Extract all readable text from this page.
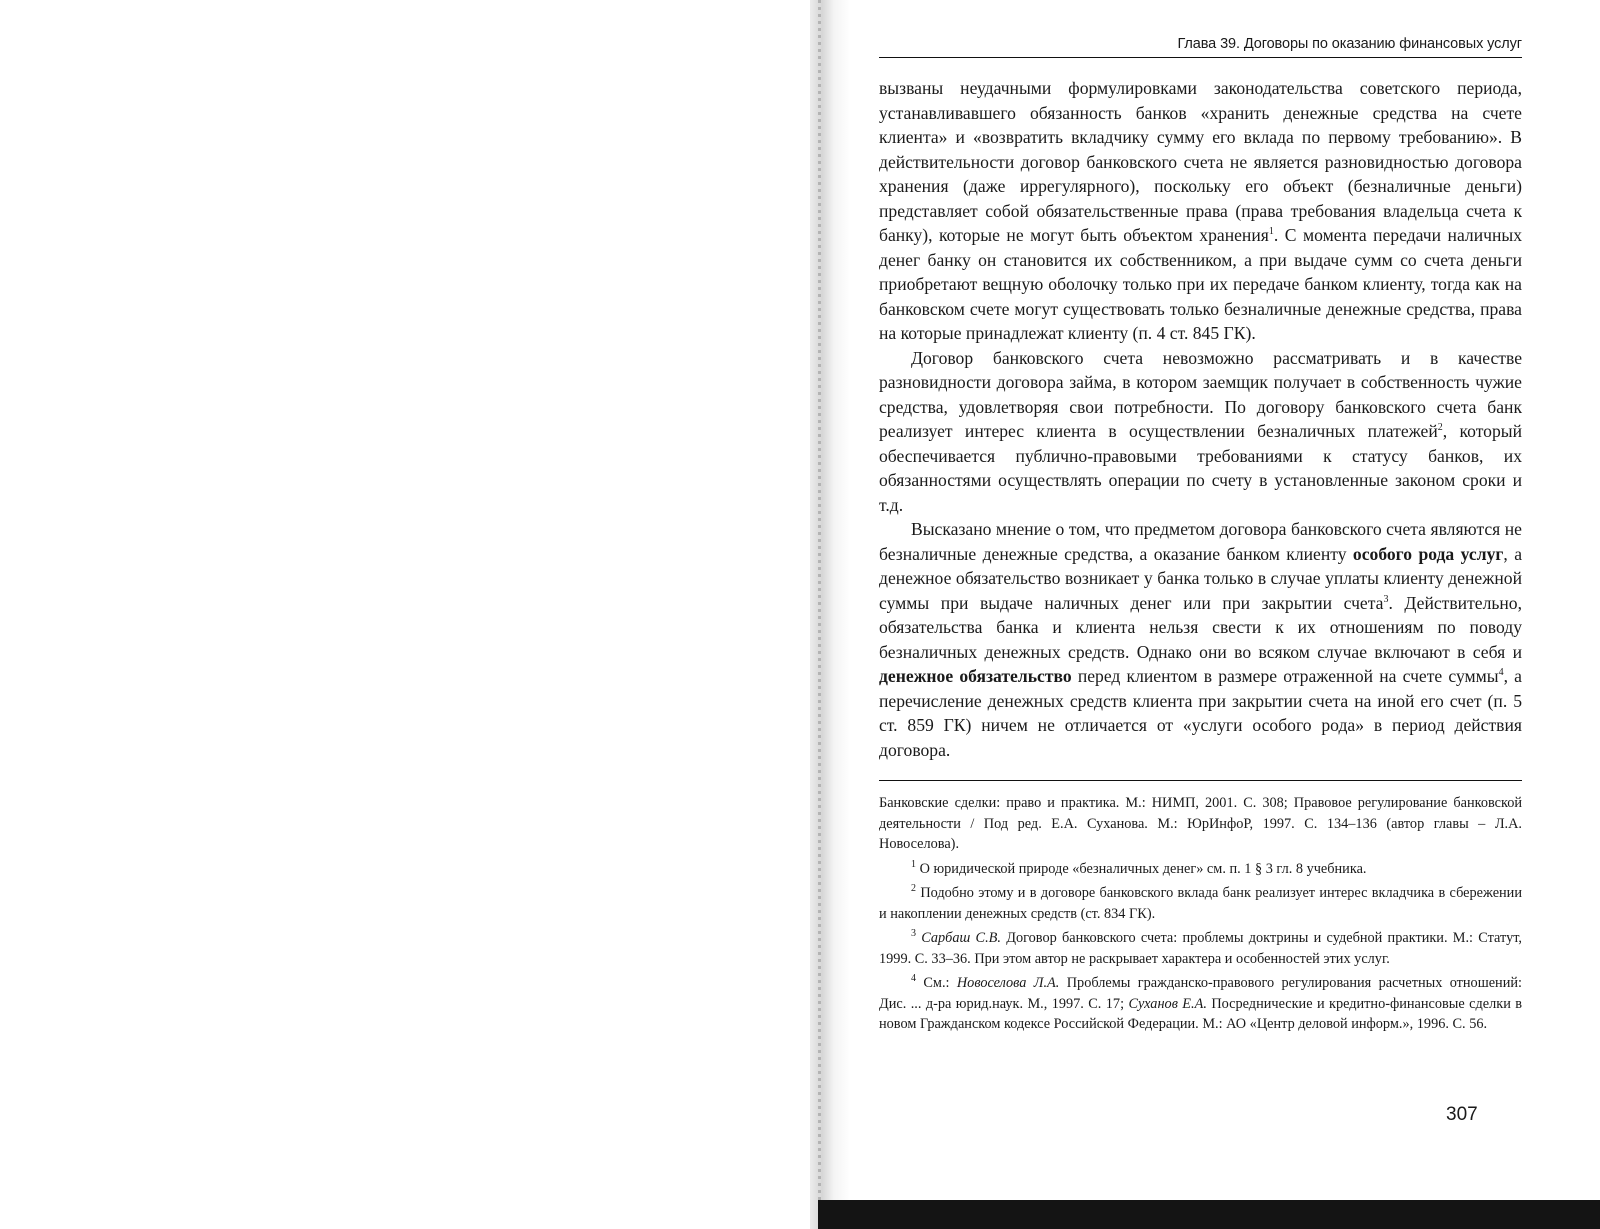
Глава 39. Договоры по оказанию финансовых услуг

вызваны неудачными формулировками законодательства советского периода, устанавливавшего обязанность банков «хранить денежные средства на счете клиента» и «возвратить вкладчику сумму его вклада по первому требованию». В действительности договор банковского счета не является разновидностью договора хранения (даже иррегулярного), поскольку его объект (безналичные деньги) представляет собой обязательственные права (права требования владельца счета к банку), которые не могут быть объектом хранения$^1$. С момента передачи наличных денег банку он становится их собственником, а при выдаче сумм со счета деньги приобретают вещную оболочку только при их передаче банком клиенту, тогда как на банковском счете могут существовать только безналичные денежные средства, права на которые принадлежат клиенту (п. 4 ст. 845 ГК).

Договор банковского счета невозможно рассматривать и в качестве разновидности договора займа, в котором заемщик получает в собственность чужие средства, удовлетворяя свои потребности. По договору банковского счета банк реализует интерес клиента в осуществлении безналичных платежей$^2$, который обеспечивается публично-правовыми требованиями к статусу банков, их обязанностями осуществлять операции по счету в установленные законом сроки и т.д.

Высказано мнение о том, что предметом договора банковского счета являются не безналичные денежные средства, а оказание банком клиенту особого рода услуг, а денежное обязательство возникает у банка только в случае уплаты клиенту денежной суммы при выдаче наличных денег или при закрытии счета$^3$. Действительно, обязательства банка и клиента нельзя свести к их отношениям по поводу безналичных денежных средств. Однако они во всяком случае включают в себя и денежное обязательство перед клиентом в размере отраженной на счете суммы$^4$, а перечисление денежных средств клиента при закрытии счета на иной его счет (п. 5 ст. 859 ГК) ничем не отличается от «услуги особого рода» в период действия договора.

Банковские сделки: право и практика. М.: НИМП, 2001. С. 308; Правовое регулирование банковской деятельности / Под ред. Е.А. Суханова. М.: ЮрИнфоР, 1997. С. 134–136 (автор главы – Л.А. Новоселова).

$^1$ О юридической природе «безналичных денег» см. п. 1 § 3 гл. 8 учебника.

$^2$ Подобно этому и в договоре банковского вклада банк реализует интерес вкладчика в сбережении и накоплении денежных средств (ст. 834 ГК).

$^3$ Сарбаш С.В. Договор банковского счета: проблемы доктрины и судебной практики. М.: Статут, 1999. С. 33–36. При этом автор не раскрывает характера и особенностей этих услуг.

$^4$ См.: Новоселова Л.А. Проблемы гражданско-правового регулирования расчетных отношений: Дис. ... д-ра юрид.наук. М., 1997. С. 17; Суханов Е.А. Посреднические и кредитно-финансовые сделки в новом Гражданском кодексе Российской Федерации. М.: АО «Центр деловой информ.», 1996. С. 56.

307
